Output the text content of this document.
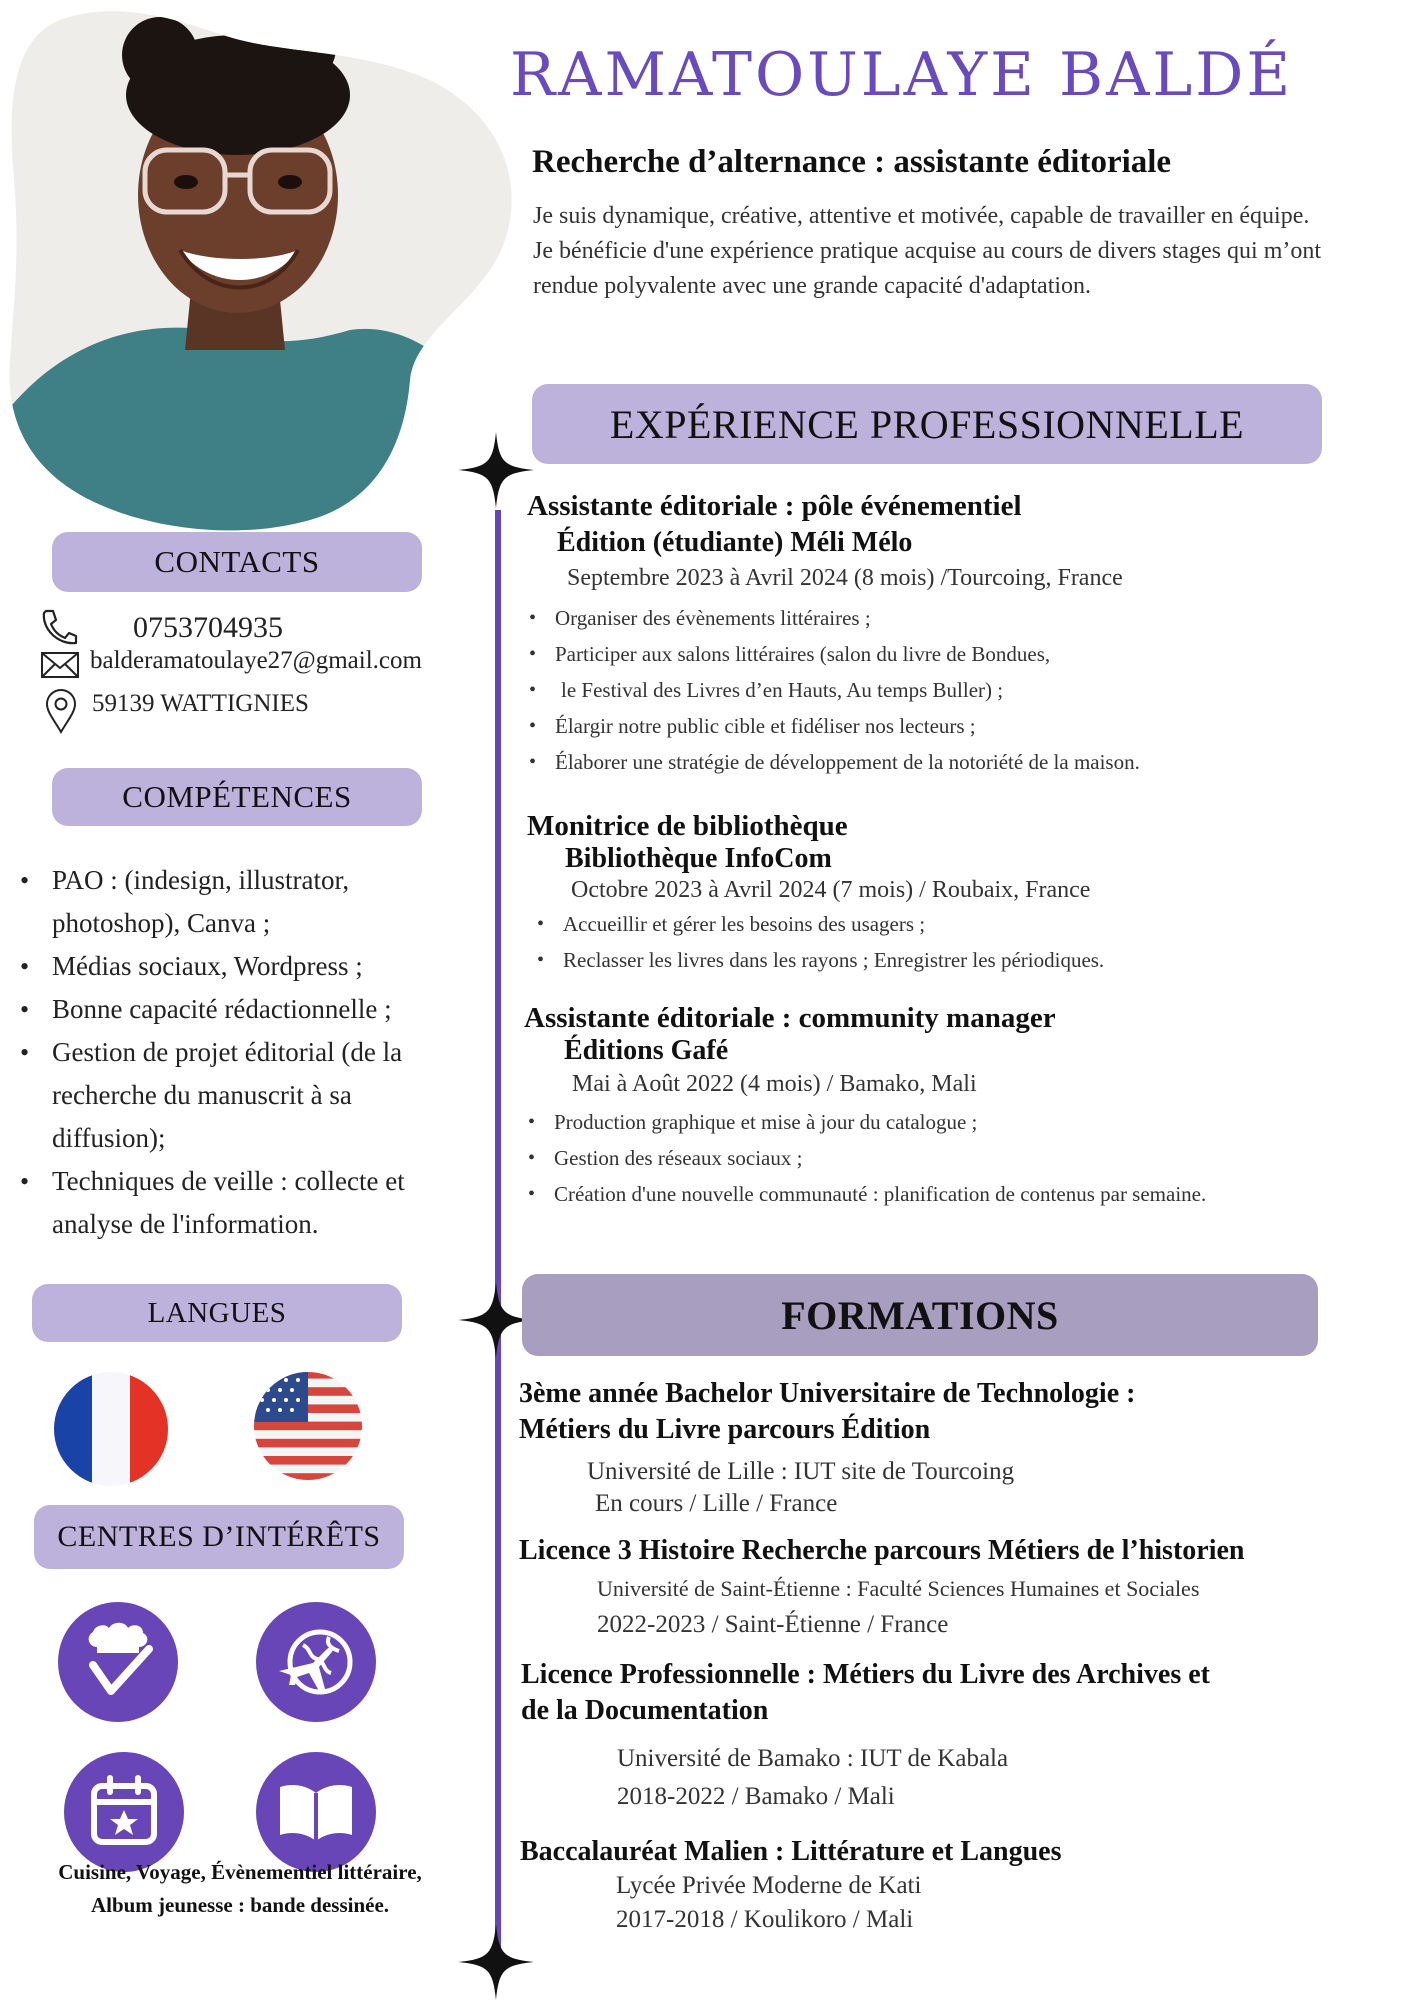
RAMATOULAYE BALDÉ
Recherche d’alternance : assistante éditoriale
Je suis dynamique, créative, attentive et motivée, capable de travailler en équipe.
Je bénéficie d'une expérience pratique acquise au cours de divers stages qui m’ont rendue polyvalente avec une grande capacité d'adaptation.
CONTACTS
0753704935
balderamatoulaye27@gmail.com
59139 WATTIGNIES
COMPÉTENCES
• PAO : (indesign, illustrator, photoshop), Canva ;
• Médias sociaux, Wordpress ;
• Bonne capacité rédactionnelle ;
• Gestion de projet éditorial (de la recherche du manuscrit à sa diffusion);
• Techniques de veille : collecte et analyse de l'information.
LANGUES
CENTRES D’INTÉRÊTS
Cuisine, Voyage, Évènementiel littéraire,
Album jeunesse : bande dessinée.
EXPÉRIENCE PROFESSIONNELLE
Assistante éditoriale : pôle événementiel
Édition (étudiante) Méli Mélo
Septembre 2023 à Avril 2024 (8 mois) /Tourcoing, France
• Organiser des évènements littéraires ;
• Participer aux salons littéraires (salon du livre de Bondues,
• le Festival des Livres d’en Hauts, Au temps Buller) ;
• Élargir notre public cible et fidéliser nos lecteurs ;
• Élaborer une stratégie de développement de la notoriété de la maison.
Monitrice de bibliothèque
Bibliothèque InfoCom
Octobre 2023 à Avril 2024 (7 mois) / Roubaix, France
• Accueillir et gérer les besoins des usagers ;
• Reclasser les livres dans les rayons ; Enregistrer les périodiques.
Assistante éditoriale : community manager
Éditions Gafé
Mai à Août 2022 (4 mois) / Bamako, Mali
• Production graphique et mise à jour du catalogue ;
• Gestion des réseaux sociaux ;
• Création d'une nouvelle communauté : planification de contenus par semaine.
FORMATIONS
3ème année Bachelor Universitaire de Technologie :
Métiers du Livre parcours Édition
Université de Lille : IUT site de Tourcoing
En cours / Lille / France
Licence 3 Histoire Recherche parcours Métiers de l’historien
Université de Saint-Étienne : Faculté Sciences Humaines et Sociales
2022-2023 / Saint-Étienne / France
Licence Professionnelle : Métiers du Livre des Archives et
de la Documentation
Université de Bamako : IUT de Kabala
2018-2022 / Bamako / Mali
Baccalauréat Malien : Littérature et Langues
Lycée Privée Moderne de Kati
2017-2018 / Koulikoro / Mali
